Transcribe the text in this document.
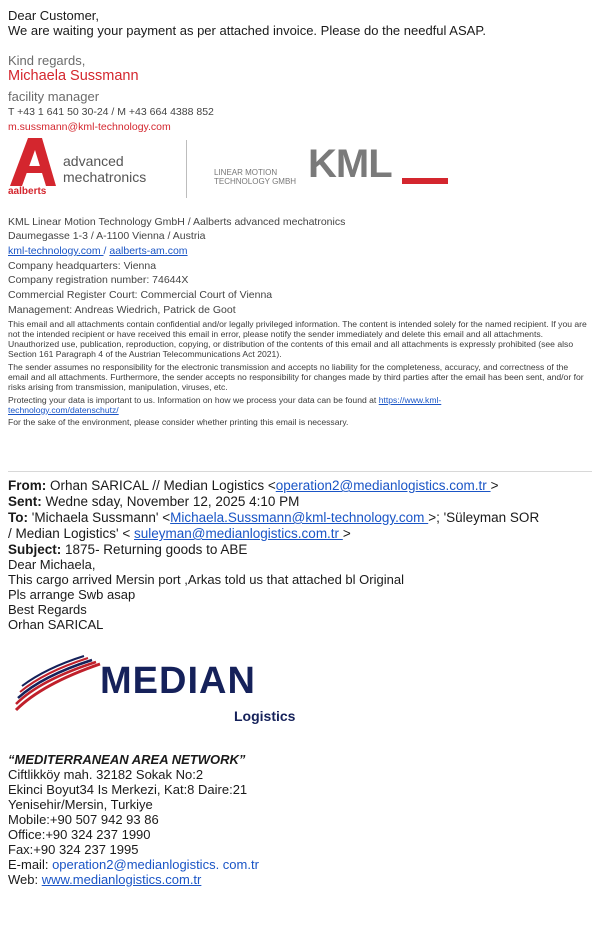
Dear Customer,
We are waiting your payment as per attached invoice. Please do the needful ASAP.
Kind regards,
Michaela Sussmann
facility manager
T +43 1 641 50 30-24 / M +43 664 4388 852
m.sussmann@kml-technology.com
aalberts
advanced
mechatronics	LINEAR MOTION
TECHNOLOGY GMBH KML
KML Linear Motion Technology GmbH / Aalberts advanced mechatronics
Daumegasse 1-3 / A-1100 Vienna / Austria
kml-technology.com / aalberts-am.com
Company headquarters: Vienna
Company registration number: 74644X
Commercial Register Court: Commercial Court of Vienna
Management: Andreas Wiedrich, Patrick de Goot
This email and all attachments contain confidential and/or legally privileged information. The content is intended solely for the named recipient. If you are not the intended recipient or have received this email in error, please notify the sender immediately and delete this email and all attachments. Unauthorized use, publication, reproduction, copying, or distribution of the contents of this email and all attachments is expressly prohibited (see also Section 161 Paragraph 4 of the Austrian Telecommunications Act 2021).
The sender assumes no responsibility for the electronic transmission and accepts no liability for the completeness, accuracy, and correctness of the email and all attachments. Furthermore, the sender accepts no responsibility for changes made by third parties after the email has been sent, and/or for risks arising from transmission, manipulation, viruses, etc.
Protecting your data is important to us. Information on how we process your data can be found at https://www.kml-technology.com/datenschutz/
For the sake of the environment, please consider whether printing this email is necessary.
From: Orhan SARICAL // Median Logistics <operation2@medianlogistics.com.tr >
Sent: Wedne sday, November 12, 2025 4:10 PM
To: 'Michaela Sussmann' <Michaela.Sussmann@kml-technology.com >; 'Süleyman SOR
/ Median Logistics' < suleyman@medianlogistics.com.tr >
Subject: 1875- Returning goods to ABE
Dear Michaela,
This cargo arrived Mersin port ,Arkas told us that attached bl Original
Pls arrange Swb asap
Best Regards
Orhan SARICAL
MEDIAN
Logistics
“MEDITERRANEAN AREA NETWORK”
Ciftlikköy mah. 32182 Sokak No:2
Ekinci Boyut34 Is Merkezi, Kat:8 Daire:21
Yenisehir/Mersin, Turkiye
Mobile:+90 507 942 93 86
Office:+90 324 237 1990
Fax:+90 324 237 1995
E-mail: operation2@medianlogistics. com.tr
Web: www.medianlogistics.com.tr
